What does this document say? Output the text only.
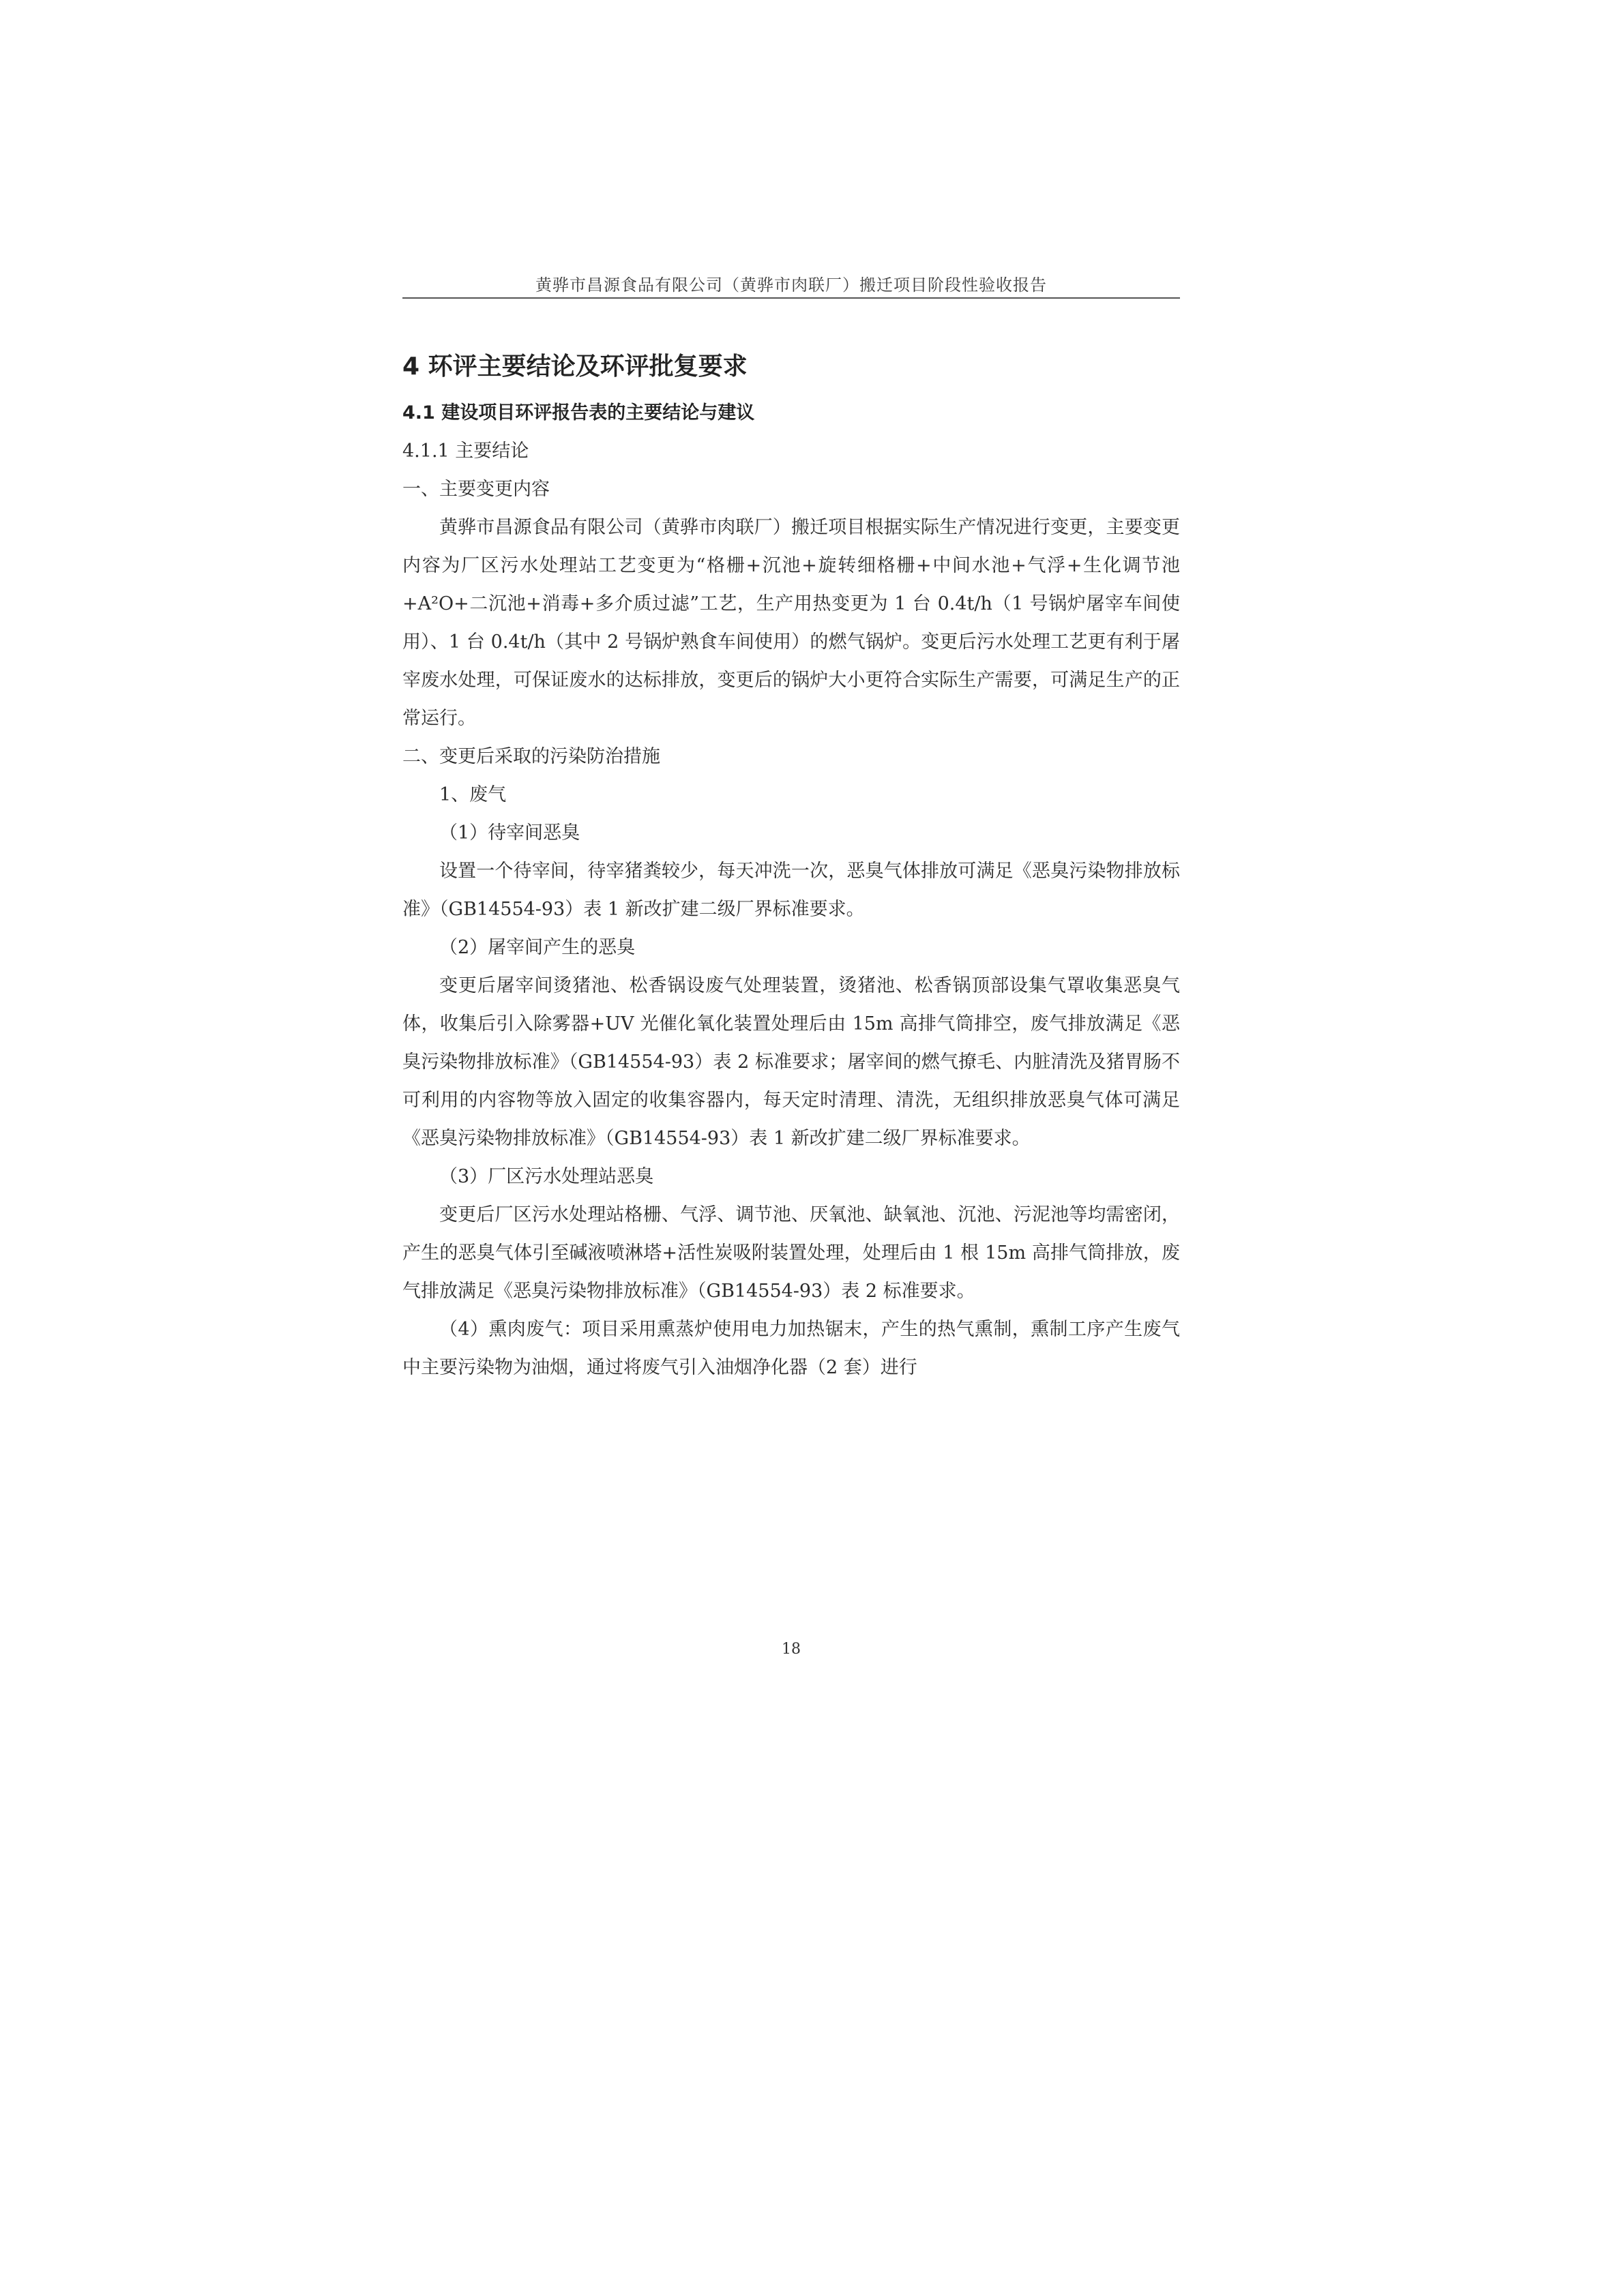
黄骅市昌源食品有限公司（黄骅市肉联厂）搬迁项目阶段性验收报告
4 环评主要结论及环评批复要求
4.1 建设项目环评报告表的主要结论与建议
4.1.1 主要结论
一、主要变更内容

黄骅市昌源食品有限公司（黄骅市肉联厂）搬迁项目根据实际生产情况进行变更，主要变更内容为厂区污水处理站工艺变更为“格栅+沉池+旋转细格栅+中间水池+气浮+生化调节池+A²O+二沉池+消毒+多介质过滤”工艺，生产用热变更为 1 台 0.4t/h（1 号锅炉屠宰车间使用）、1 台 0.4t/h（其中 2 号锅炉熟食车间使用）的燃气锅炉。变更后污水处理工艺更有利于屠宰废水处理，可保证废水的达标排放，变更后的锅炉大小更符合实际生产需要，可满足生产的正常运行。

二、变更后采取的污染防治措施
1、废气
（1）待宰间恶臭

设置一个待宰间，待宰猪粪较少，每天冲洗一次，恶臭气体排放可满足《恶臭污染物排放标准》（GB14554-93）表 1 新改扩建二级厂界标准要求。

（2）屠宰间产生的恶臭

变更后屠宰间烫猪池、松香锅设废气处理装置，烫猪池、松香锅顶部设集气罩收集恶臭气体，收集后引入除雾器+UV 光催化氧化装置处理后由 15m 高排气筒排空，废气排放满足《恶臭污染物排放标准》（GB14554-93）表 2 标准要求；屠宰间的燃气撩毛、内脏清洗及猪胃肠不可利用的内容物等放入固定的收集容器内，每天定时清理、清洗，无组织排放恶臭气体可满足《恶臭污染物排放标准》（GB14554-93）表 1 新改扩建二级厂界标准要求。

（3）厂区污水处理站恶臭

变更后厂区污水处理站格栅、气浮、调节池、厌氧池、缺氧池、沉池、污泥池等均需密闭，产生的恶臭气体引至碱液喷淋塔+活性炭吸附装置处理，处理后由 1 根 15m 高排气筒排放，废气排放满足《恶臭污染物排放标准》（GB14554-93）表 2 标准要求。

（4）熏肉废气：项目采用熏蒸炉使用电力加热锯末，产生的热气熏制，熏制工序产生废气中主要污染物为油烟，通过将废气引入油烟净化器（2 套）进行

18
